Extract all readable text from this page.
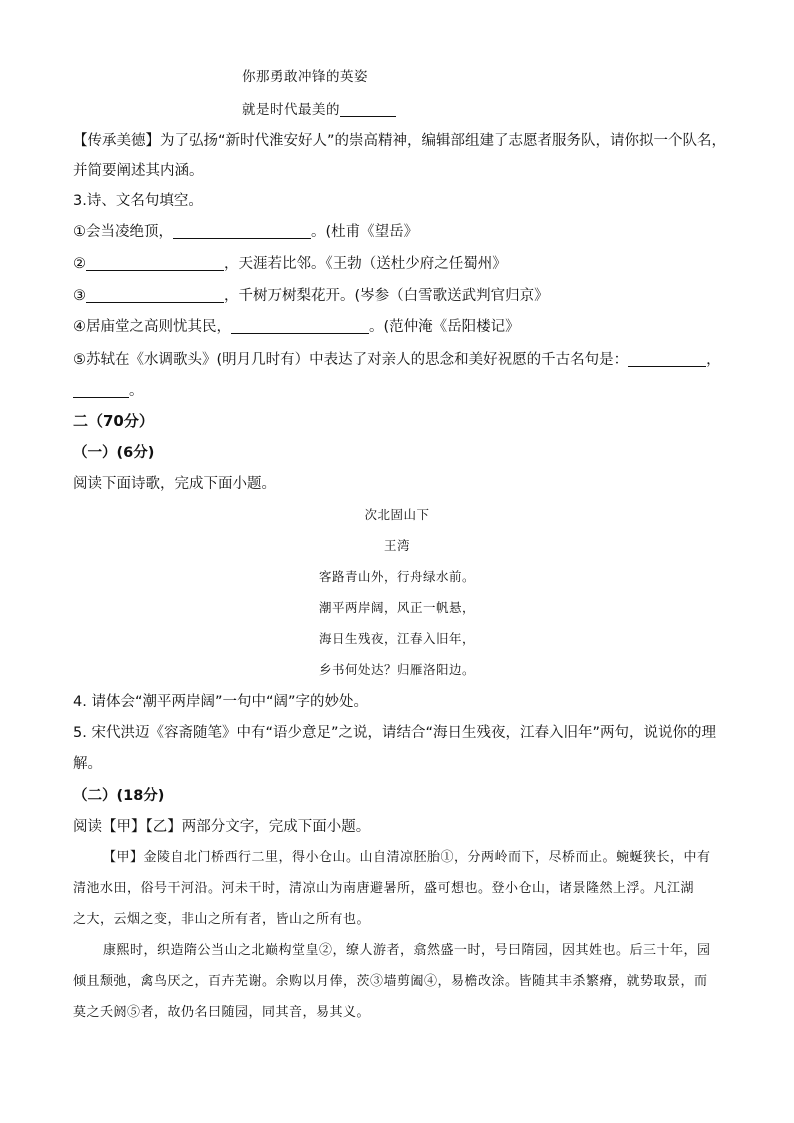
你那勇敢冲锋的英姿
就是时代最美的
【传承美德】为了弘扬“新时代淮安好人”的崇高精神，编辑部组建了志愿者服务队，请你拟一个队名，
并简要阐述其内涵。
3.诗、文名句填空。
①会当凌绝顶，	。(杜甫《望岳》
②	，天涯若比邻。《王勃（送杜少府之任蜀州》
③	，千树万树梨花开。(岑参（白雪歌送武判官归京》
④居庙堂之高则忧其民，	。(范仲淹《岳阳楼记》
⑤苏轼在《水调歌头》(明月几时有）中表达了对亲人的思念和美好祝愿的千古名句是：	，
。
二（70分）
（一）(6分)
阅读下面诗歌，完成下面小题。
次北固山下
王湾
客路青山外，行舟绿水前。
潮平两岸阔，风正一帆悬，
海日生残夜，江春入旧年，
乡书何处达？归雁洛阳边。
4. 请体会“潮平两岸阔”一句中“阔”字的妙处。
5. 宋代洪迈《容斋随笔》中有“语少意足”之说，请结合“海日生残夜，江春入旧年”两句，说说你的理
解。
（二）(18分)
阅读【甲】【乙】两部分文字，完成下面小题。
【甲】金陵自北门桥西行二里，得小仓山。山自清凉胚胎①，分两岭而下，尽桥而止。蜿蜒狭长，中有
清池水田，俗号干河沿。河未干时，清凉山为南唐避暑所，盛可想也。登小仓山，诸景隆然上浮。凡江湖
之大，云烟之变，非山之所有者，皆山之所有也。
康熙时，织造隋公当山之北巅构堂皇②，缭人游者，翕然盛一时，号曰隋园，因其姓也。后三十年，园
倾且颓弛，禽鸟厌之，百卉芜谢。余购以月俸，茨③墙剪阖④，易檐改涂。皆随其丰杀繁瘠，就势取景，而
莫之夭阏⑤者，故仍名曰随园，同其音，易其义。
